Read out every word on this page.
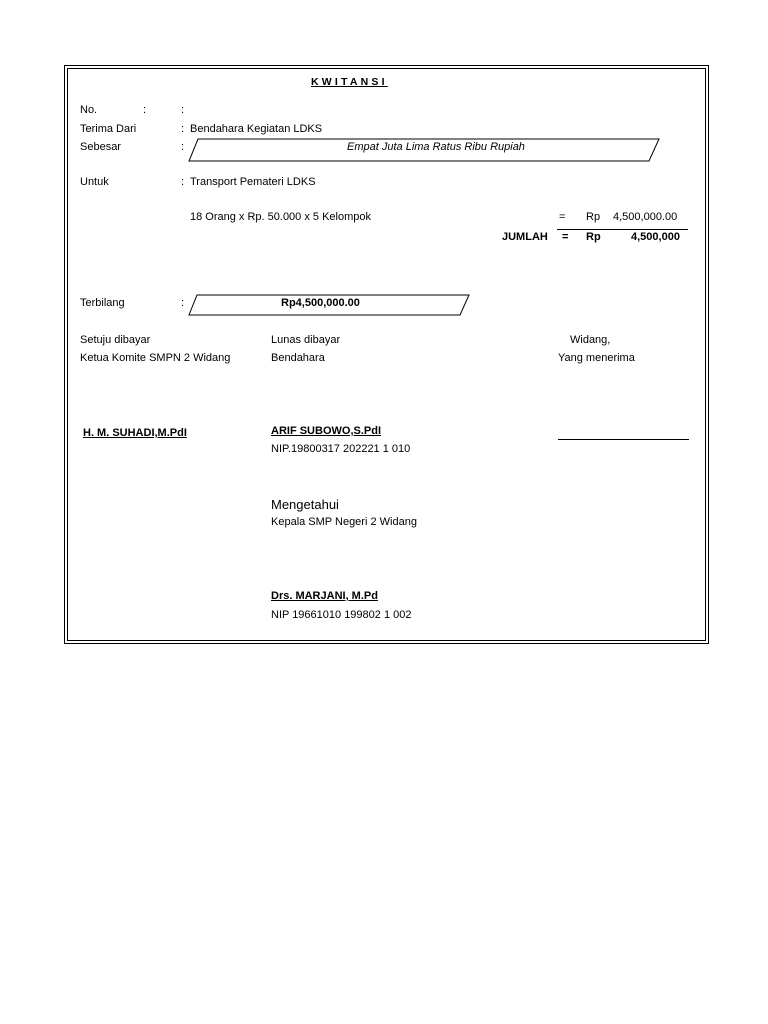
KWITANSI
No.	:	:
Terima Dari	: Bendahara Kegiatan LDKS
Sebesar	:	Empat Juta Lima Ratus Ribu Rupiah
Untuk	: Transport Pemateri LDKS
18 Orang x Rp. 50.000 x 5 Kelompok	= Rp 4,500,000.00
JUMLAH = Rp	4,500,000
Terbilang	:	Rp4,500,000.00
Setuju dibayar
Ketua Komite SMPN 2 Widang
Lunas dibayar
Bendahara
Widang,
Yang menerima
H. M. SUHADI,M.PdI	ARIF SUBOWO,S.PdI
NIP.19800317 202221 1 010
Mengetahui
Kepala SMP Negeri 2 Widang
Drs. MARJANI, M.Pd
NIP 19661010 199802 1 002
